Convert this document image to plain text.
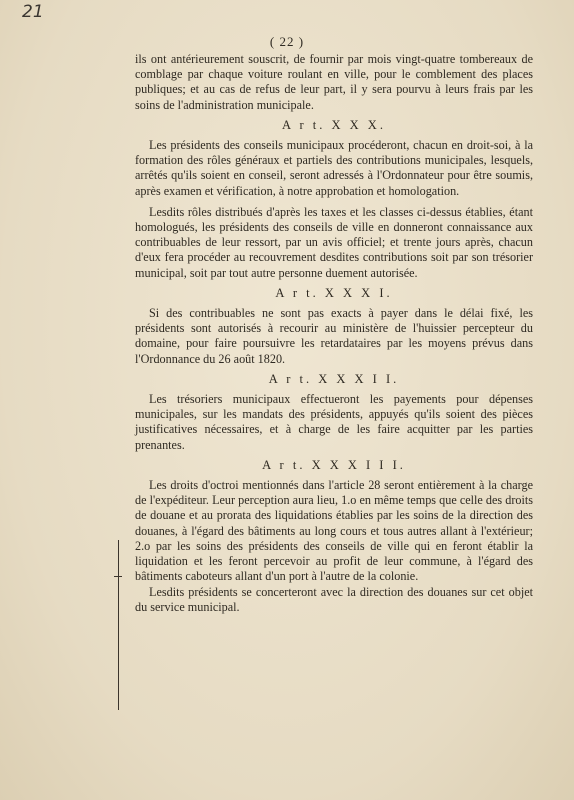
21
( 22 )

ils ont antérieurement souscrit, de fournir par mois vingt-quatre tombereaux de comblage par chaque voiture roulant en ville, pour le comblement des places publiques; et au cas de refus de leur part, il y sera pourvu à leurs frais par les soins de l'administration municipale.

A r t. X X X.

Les présidents des conseils municipaux procéderont, chacun en droit-soi, à la formation des rôles généraux et partiels des contributions municipales, lesquels, arrêtés qu'ils soient en conseil, seront adressés à l'Ordonnateur pour être soumis, après examen et vérification, à notre approbation et homologation.

Lesdits rôles distribués d'après les taxes et les classes ci-dessus établies, étant homologués, les présidents des conseils de ville en donneront connaissance aux contribuables de leur ressort, par un avis officiel; et trente jours après, chacun d'eux fera procéder au recouvrement desdites contributions soit par son trésorier municipal, soit par tout autre personne duement autorisée.

A r t. X X X I.

Si des contribuables ne sont pas exacts à payer dans le délai fixé, les présidents sont autorisés à recourir au ministère de l'huissier percepteur du domaine, pour faire poursuivre les retardataires par les moyens prévus dans l'Ordonnance du 26 août 1820.

A r t. X X X I I.

Les trésoriers municipaux effectueront les payements pour dépenses municipales, sur les mandats des présidents, appuyés qu'ils soient des pièces justificatives nécessaires, et à charge de les faire acquitter par les parties prenantes.

A r t. X X X I I I.

Les droits d'octroi mentionnés dans l'article 28 seront entièrement à la charge de l'expéditeur. Leur perception aura lieu, 1.o en même temps que celle des droits de douane et au prorata des liquidations établies par les soins de la direction des douanes, à l'égard des bâtiments au long cours et tous autres allant à l'extérieur; 2.o par les soins des présidents des conseils de ville qui en feront établir la liquidation et les feront percevoir au profit de leur commune, à l'égard des bâtiments caboteurs allant d'un port à l'autre de la colonie.

Lesdits présidents se concerteront avec la direction des douanes sur cet objet du service municipal.
